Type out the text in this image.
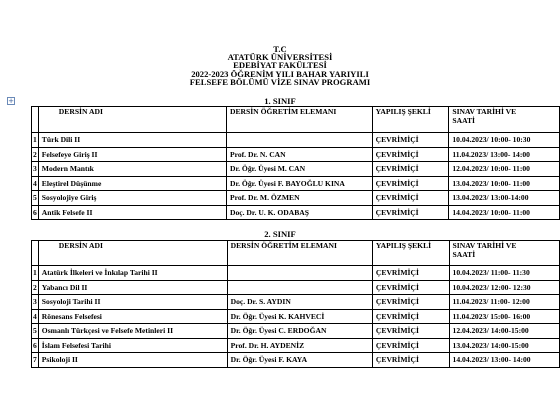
T.C
ATATÜRK ÜNİVERSİTESİ
EDEBİYAT FAKÜLTESİ
2022-2023 ÖĞRENİM YILI BAHAR YARIYILI
FELSEFE BÖLÜMÜ VİZE SINAV PROGRAMI
+	1. SINIF
	DERSİN ADI	DERSİN ÖĞRETİM ELEMANI	YAPILIŞ ŞEKLİ	SINAV TARİHİ VE
SAATİ
1	Türk Dili II		ÇEVRİMİÇİ	10.04.2023/ 10:00- 10:30
2	Felsefeye Giriş II	Prof. Dr. N. CAN	ÇEVRİMİÇİ	11.04.2023/ 13:00- 14:00
3	Modern Mantık	Dr. Öğr. Üyesi M. CAN	ÇEVRİMİÇİ	12.04.2023/ 10:00- 11:00
4	Eleştirel Düşünme	Dr. Öğr. Üyesi F. BAYOĞLU KINA	ÇEVRİMİÇİ	13.04.2023/ 10:00- 11:00
5	Sosyolojiye Giriş	Prof. Dr. M. ÖZMEN	ÇEVRİMİÇİ	13.04.2023/ 13:00-14:00
6	Antik Felsefe II	Doç. Dr. U. K. ODABAŞ	ÇEVRİMİÇİ	14.04.2023/ 10:00- 11:00
2. SINIF
	DERSİN ADI	DERSİN ÖĞRETİM ELEMANI	YAPILIŞ ŞEKLİ	SINAV TARİHİ VE
SAATİ
1	Atatürk İlkeleri ve İnkılap Tarihi II		ÇEVRİMİÇİ	10.04.2023/ 11:00- 11:30
2	Yabancı Dil II		ÇEVRİMİÇİ	10.04.2023/ 12:00- 12:30
3	Sosyoloji Tarihi II	Doç. Dr. S. AYDIN	ÇEVRİMİÇİ	11.04.2023/ 11:00- 12:00
4	Rönesans Felsefesi	Dr. Öğr. Üyesi K. KAHVECİ	ÇEVRİMİÇİ	11.04.2023/ 15:00- 16:00
5	Osmanlı Türkçesi ve Felsefe Metinleri II	Dr. Öğr. Üyesi C. ERDOĞAN	ÇEVRİMİÇİ	12.04.2023/ 14:00-15:00
6	İslam Felsefesi Tarihi	Prof. Dr. H. AYDENİZ	ÇEVRİMİÇİ	13.04.2023/ 14:00-15:00
7	Psikoloji II	Dr. Öğr. Üyesi F. KAYA	ÇEVRİMİÇİ	14.04.2023/ 13:00- 14:00
